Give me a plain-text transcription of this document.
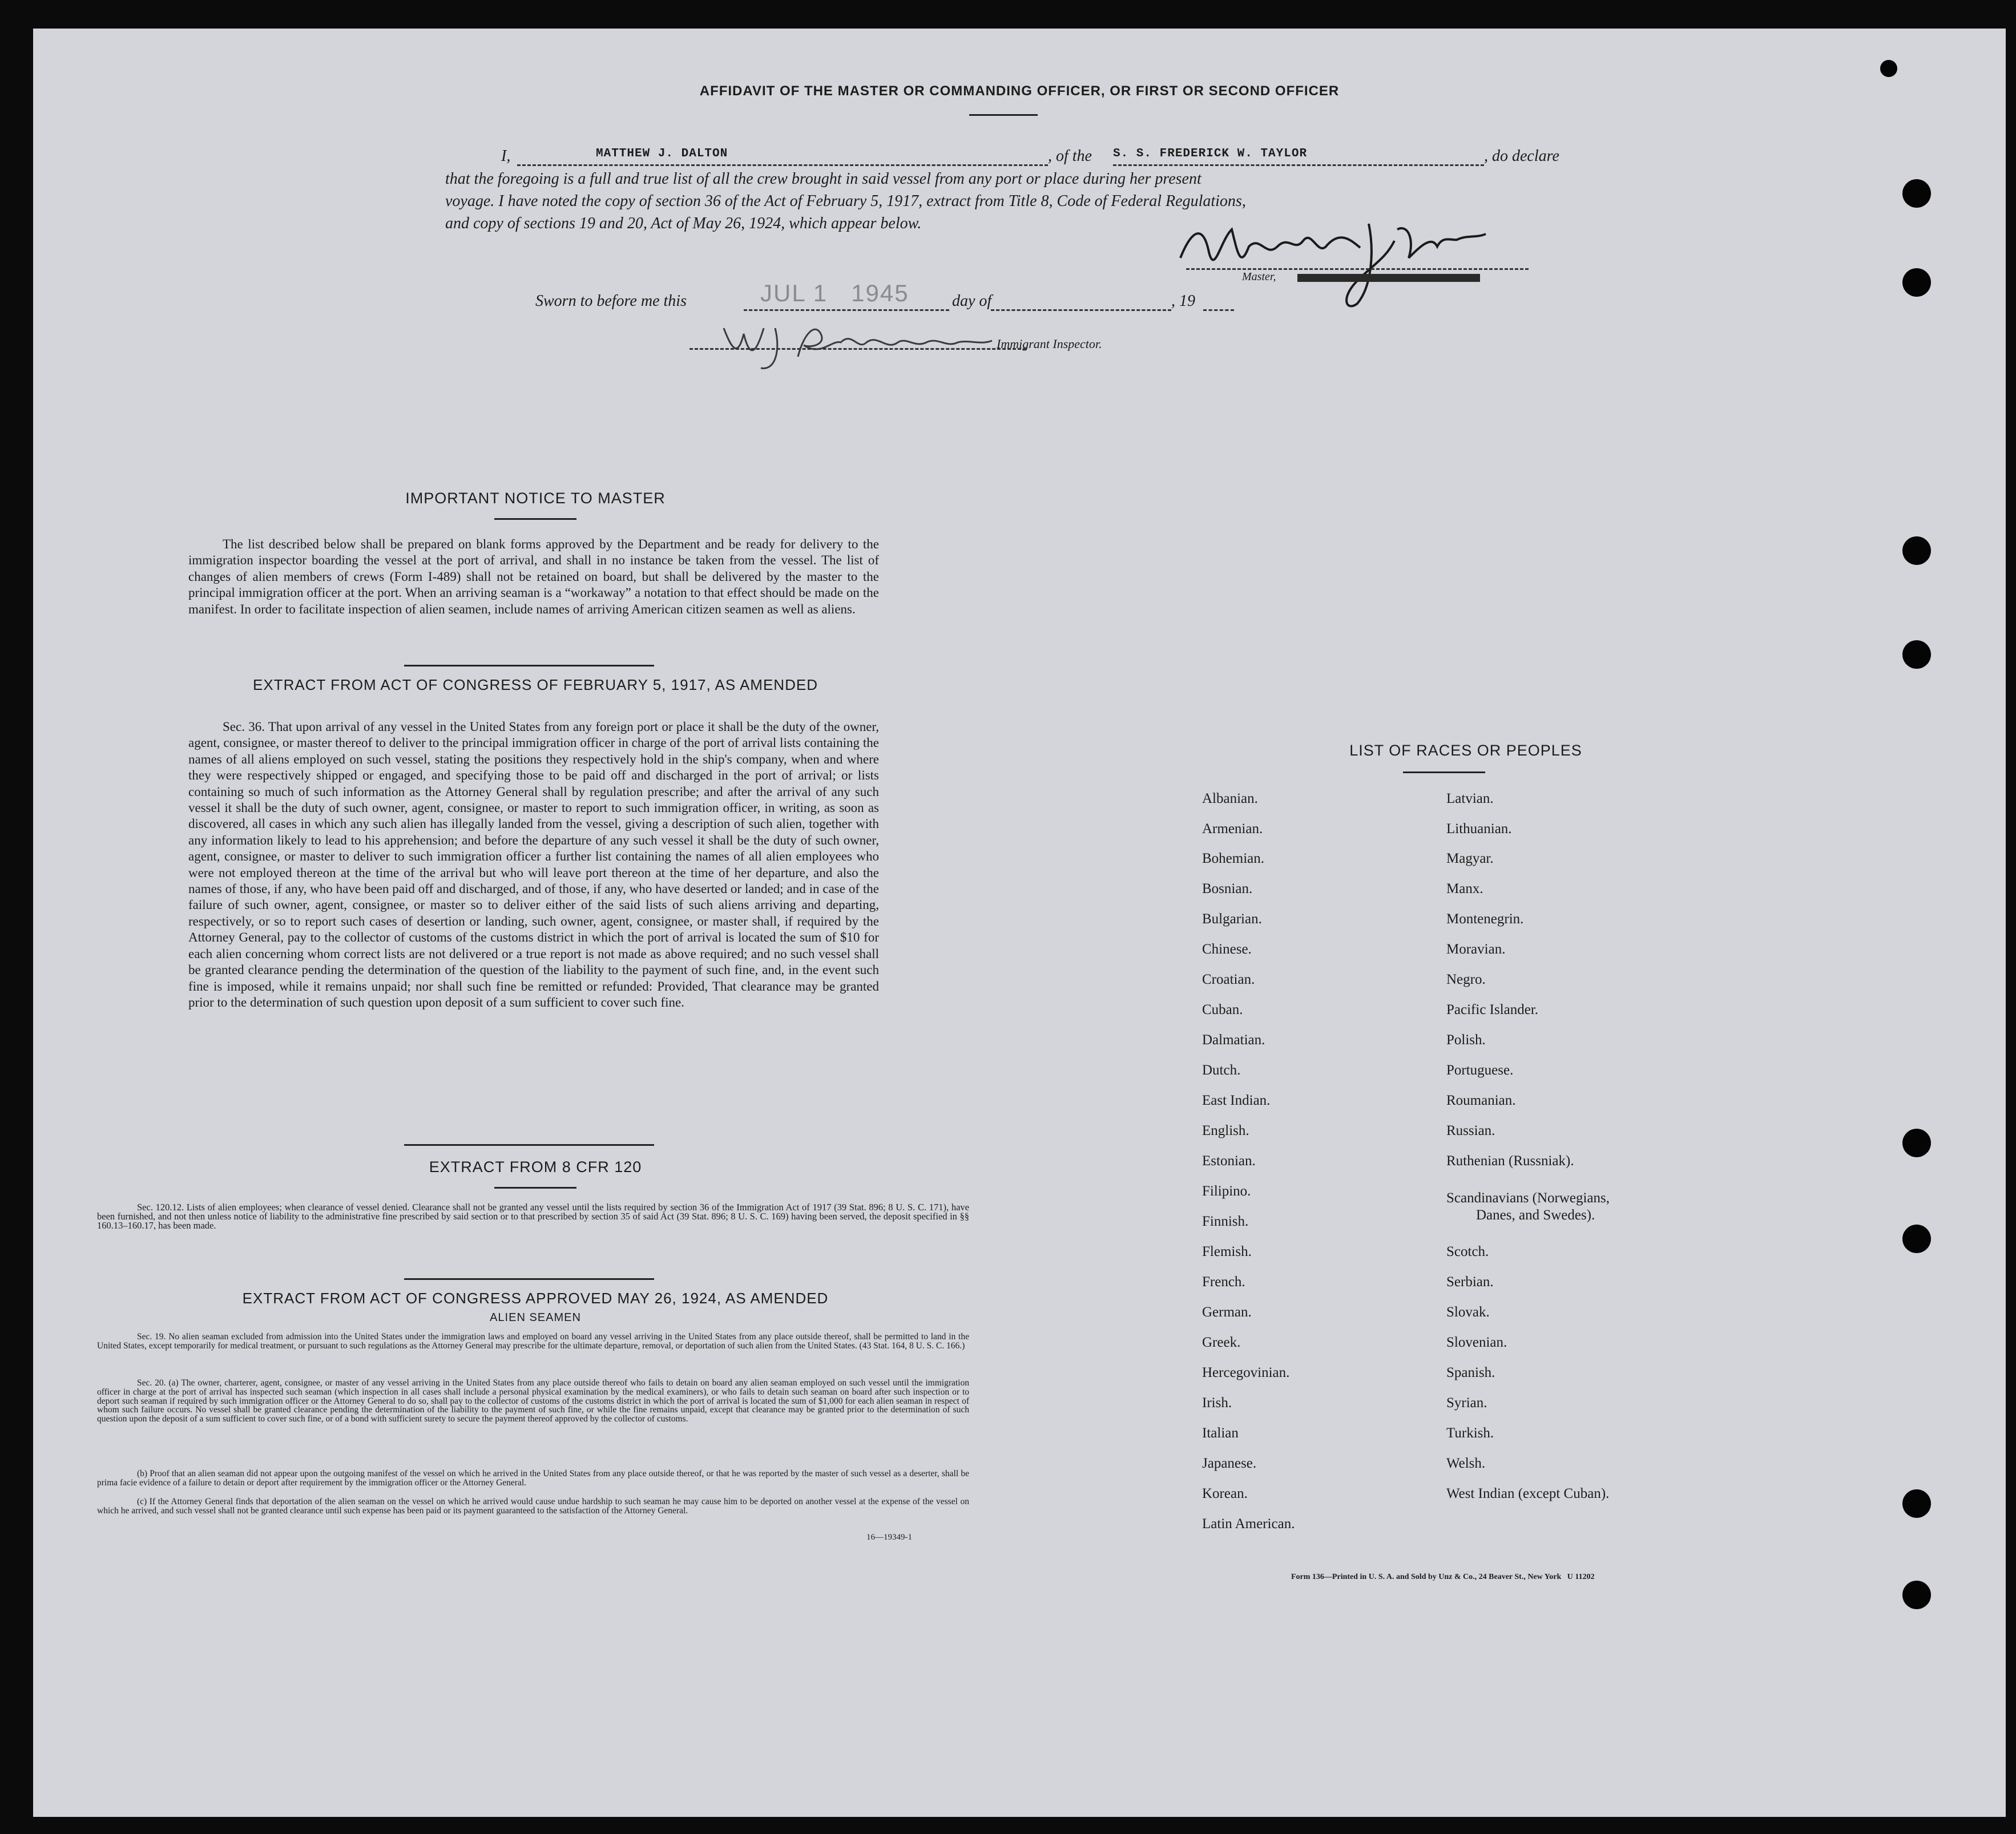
AFFIDAVIT OF THE MASTER OR COMMANDING OFFICER, OR FIRST OR SECOND OFFICER
I,	MATTHEW J. DALTON	, of the S. S. FREDERICK W. TAYLOR	, do declare
that the foregoing is a full and true list of all the crew brought in said vessel from any port or place during her present
voyage. I have noted the copy of section 36 of the Act of February 5, 1917, extract from Title 8, Code of Federal Regulations,
and copy of sections 19 and 20, Act of May 26, 1924, which appear below.
Master,
Sworn to before me this	JUL 1   1945	day of	, 19
Immigrant Inspector.
IMPORTANT NOTICE TO MASTER
The list described below shall be prepared on blank forms approved by the Department and be ready for delivery to the immigration inspector boarding the vessel at the port of arrival, and shall in no instance be taken from the vessel. The list of changes of alien members of crews (Form I-489) shall not be retained on board, but shall be delivered by the master to the principal immigration officer at the port. When an arriving seaman is a “workaway” a notation to that effect should be made on the manifest. In order to facilitate inspection of alien seamen, include names of arriving American citizen seamen as well as aliens.
EXTRACT FROM ACT OF CONGRESS OF FEBRUARY 5, 1917, AS AMENDED
Sec. 36. That upon arrival of any vessel in the United States from any foreign port or place it shall be the duty of the owner, agent, consignee, or master thereof to deliver to the principal immigration officer in charge of the port of arrival lists containing the names of all aliens employed on such vessel, stating the positions they respectively hold in the ship's company, when and where they were respectively shipped or engaged, and specifying those to be paid off and discharged in the port of arrival; or lists containing so much of such information as the Attorney General shall by regulation prescribe; and after the arrival of any such vessel it shall be the duty of such owner, agent, consignee, or master to report to such immigration officer, in writing, as soon as discovered, all cases in which any such alien has illegally landed from the vessel, giving a description of such alien, together with any information likely to lead to his apprehension; and before the departure of any such vessel it shall be the duty of such owner, agent, consignee, or master to deliver to such immigration officer a further list containing the names of all alien employees who were not employed thereon at the time of the arrival but who will leave port thereon at the time of her departure, and also the names of those, if any, who have been paid off and discharged, and of those, if any, who have deserted or landed; and in case of the failure of such owner, agent, consignee, or master so to deliver either of the said lists of such aliens arriving and departing, respectively, or so to report such cases of desertion or landing, such owner, agent, consignee, or master shall, if required by the Attorney General, pay to the collector of customs of the customs district in which the port of arrival is located the sum of $10 for each alien concerning whom correct lists are not delivered or a true report is not made as above required; and no such vessel shall be granted clearance pending the determination of the question of the liability to the payment of such fine, and, in the event such fine is imposed, while it remains unpaid; nor shall such fine be remitted or refunded: Provided, That clearance may be granted prior to the determination of such question upon deposit of a sum sufficient to cover such fine.
EXTRACT FROM 8 CFR 120
Sec. 120.12. Lists of alien employees; when clearance of vessel denied. Clearance shall not be granted any vessel until the lists required by section 36 of the Immigration Act of 1917 (39 Stat. 896; 8 U. S. C. 171), have been furnished, and not then unless notice of liability to the administrative fine prescribed by said section or to that prescribed by section 35 of said Act (39 Stat. 896; 8 U. S. C. 169) having been served, the deposit specified in §§ 160.13–160.17, has been made.
EXTRACT FROM ACT OF CONGRESS APPROVED MAY 26, 1924, AS AMENDED
ALIEN SEAMEN
Sec. 19. No alien seaman excluded from admission into the United States under the immigration laws and employed on board any vessel arriving in the United States from any place outside thereof, shall be permitted to land in the United States, except temporarily for medical treatment, or pursuant to such regulations as the Attorney General may prescribe for the ultimate departure, removal, or deportation of such alien from the United States. (43 Stat. 164, 8 U. S. C. 166.)
Sec. 20. (a) The owner, charterer, agent, consignee, or master of any vessel arriving in the United States from any place outside thereof who fails to detain on board any alien seaman employed on such vessel until the immigration officer in charge at the port of arrival has inspected such seaman (which inspection in all cases shall include a personal physical examination by the medical examiners), or who fails to detain such seaman on board after such inspection or to deport such seaman if required by such immigration officer or the Attorney General to do so, shall pay to the collector of customs of the customs district in which the port of arrival is located the sum of $1,000 for each alien seaman in respect of whom such failure occurs. No vessel shall be granted clearance pending the determination of the liability to the payment of such fine, or while the fine remains unpaid, except that clearance may be granted prior to the determination of such question upon the deposit of a sum sufficient to cover such fine, or of a bond with sufficient surety to secure the payment thereof approved by the collector of customs.
(b) Proof that an alien seaman did not appear upon the outgoing manifest of the vessel on which he arrived in the United States from any place outside thereof, or that he was reported by the master of such vessel as a deserter, shall be prima facie evidence of a failure to detain or deport after requirement by the immigration officer or the Attorney General.
(c) If the Attorney General finds that deportation of the alien seaman on the vessel on which he arrived would cause undue hardship to such seaman he may cause him to be deported on another vessel at the expense of the vessel on which he arrived, and such vessel shall not be granted clearance until such expense has been paid or its payment guaranteed to the satisfaction of the Attorney General.
16—19349-1
LIST OF RACES OR PEOPLES
Albanian.
Armenian.
Bohemian.
Bosnian.
Bulgarian.
Chinese.
Croatian.
Cuban.
Dalmatian.
Dutch.
East Indian.
English.
Estonian.
Filipino.
Finnish.
Flemish.
French.
German.
Greek.
Hercegovinian.
Irish.
Italian
Japanese.
Korean.
Latin American.
Latvian.
Lithuanian.
Magyar.
Manx.
Montenegrin.
Moravian.
Negro.
Pacific Islander.
Polish.
Portuguese.
Roumanian.
Russian.
Ruthenian (Russniak).
Scandinavians (Norwegians,
Danes, and Swedes).
Scotch.
Serbian.
Slovak.
Slovenian.
Spanish.
Syrian.
Turkish.
Welsh.
West Indian (except Cuban).
Form 136—Printed in U. S. A. and Sold by Unz & Co., 24 Beaver St., New York   U 11202
